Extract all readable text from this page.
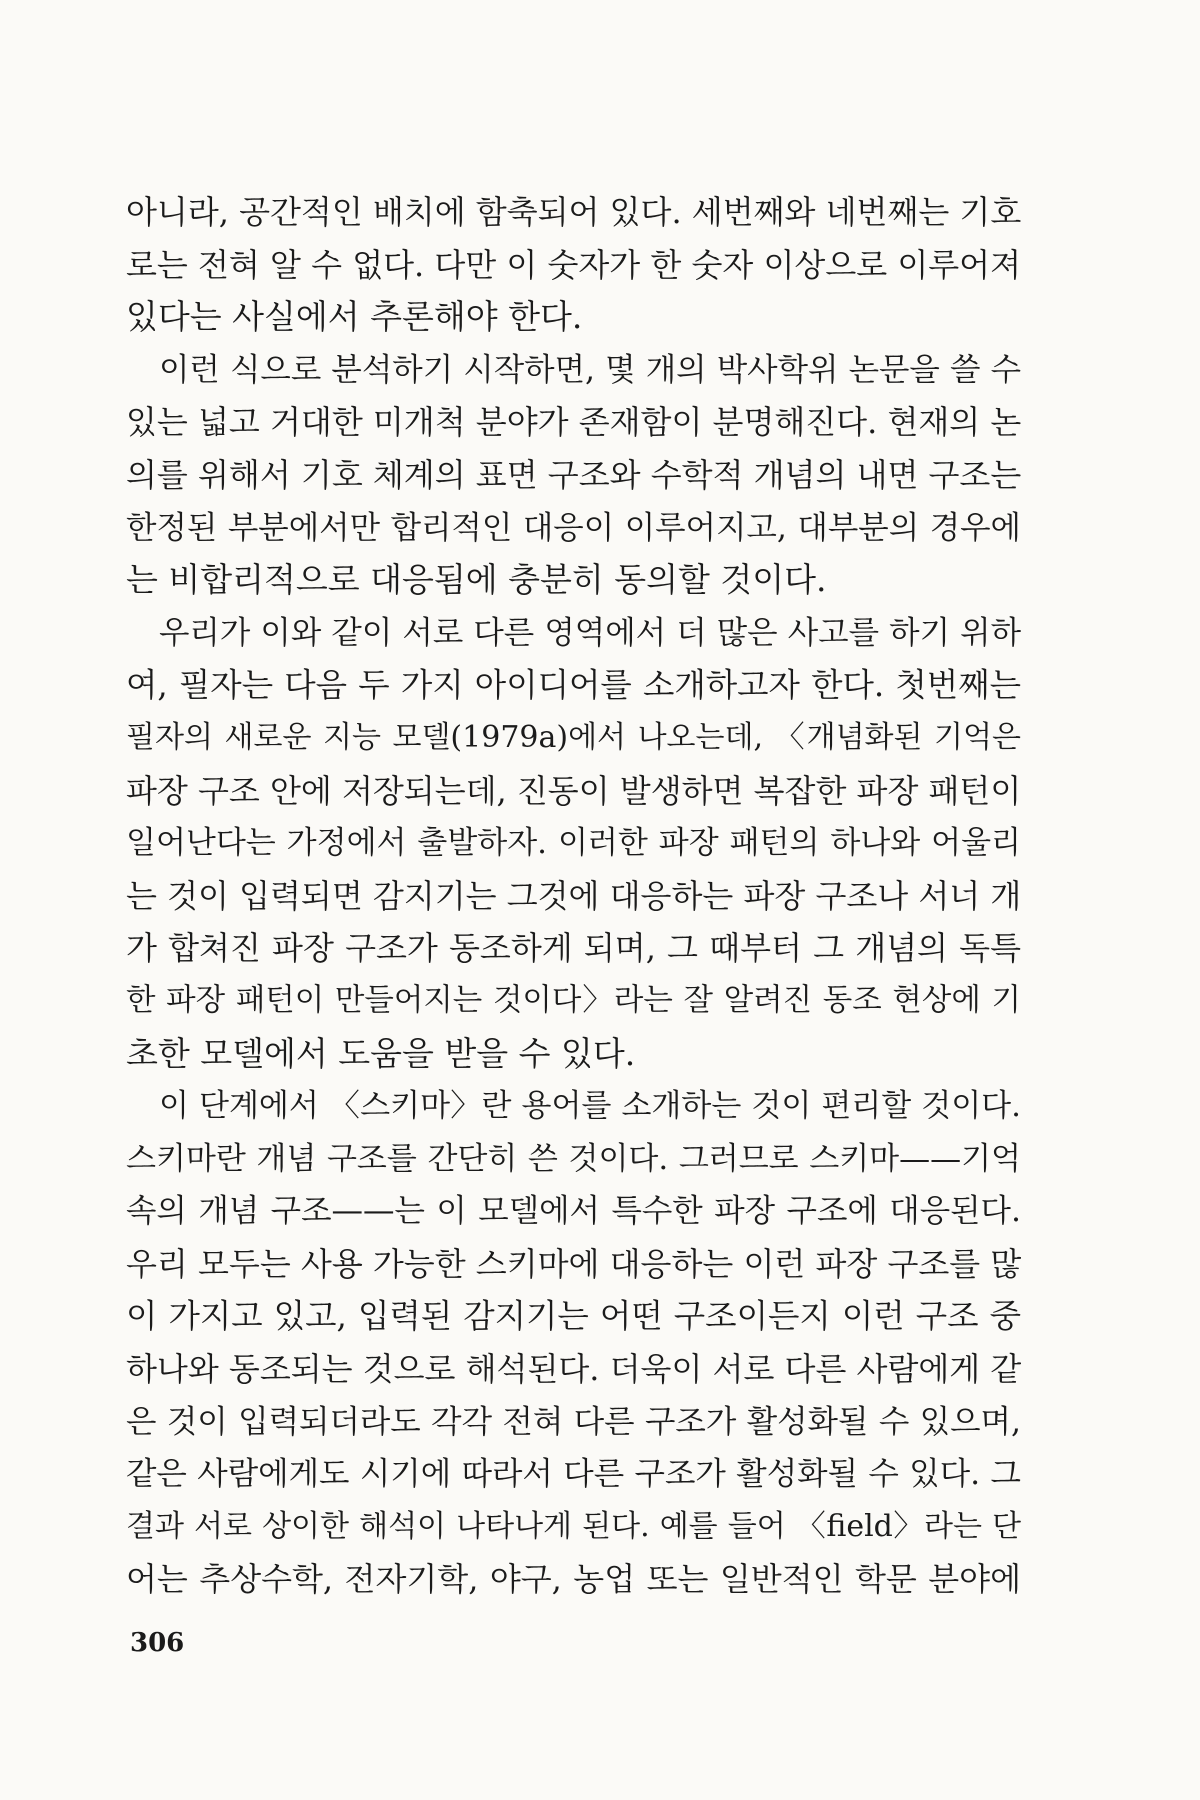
아니라, 공간적인 배치에 함축되어 있다. 세번째와 네번째는 기호
로는 전혀 알 수 없다. 다만 이 숫자가 한 숫자 이상으로 이루어져
있다는 사실에서 추론해야 한다.
이런 식으로 분석하기 시작하면, 몇 개의 박사학위 논문을 쓸 수
있는 넓고 거대한 미개척 분야가 존재함이 분명해진다. 현재의 논
의를 위해서 기호 체계의 표면 구조와 수학적 개념의 내면 구조는
한정된 부분에서만 합리적인 대응이 이루어지고, 대부분의 경우에
는 비합리적으로 대응됨에 충분히 동의할 것이다.
우리가 이와 같이 서로 다른 영역에서 더 많은 사고를 하기 위하
여, 필자는 다음 두 가지 아이디어를 소개하고자 한다. 첫번째는
필자의 새로운 지능 모델(1979a)에서 나오는데, 〈개념화된 기억은
파장 구조 안에 저장되는데, 진동이 발생하면 복잡한 파장 패턴이
일어난다는 가정에서 출발하자. 이러한 파장 패턴의 하나와 어울리
는 것이 입력되면 감지기는 그것에 대응하는 파장 구조나 서너 개
가 합쳐진 파장 구조가 동조하게 되며, 그 때부터 그 개념의 독특
한 파장 패턴이 만들어지는 것이다〉라는 잘 알려진 동조 현상에 기
초한 모델에서 도움을 받을 수 있다.
이 단계에서 〈스키마〉란 용어를 소개하는 것이 편리할 것이다.
스키마란 개념 구조를 간단히 쓴 것이다. 그러므로 스키마——기억
속의 개념 구조——는 이 모델에서 특수한 파장 구조에 대응된다.
우리 모두는 사용 가능한 스키마에 대응하는 이런 파장 구조를 많
이 가지고 있고, 입력된 감지기는 어떤 구조이든지 이런 구조 중
하나와 동조되는 것으로 해석된다. 더욱이 서로 다른 사람에게 같
은 것이 입력되더라도 각각 전혀 다른 구조가 활성화될 수 있으며,
같은 사람에게도 시기에 따라서 다른 구조가 활성화될 수 있다. 그
결과 서로 상이한 해석이 나타나게 된다. 예를 들어 〈field〉라는 단
어는 추상수학, 전자기학, 야구, 농업 또는 일반적인 학문 분야에
306
